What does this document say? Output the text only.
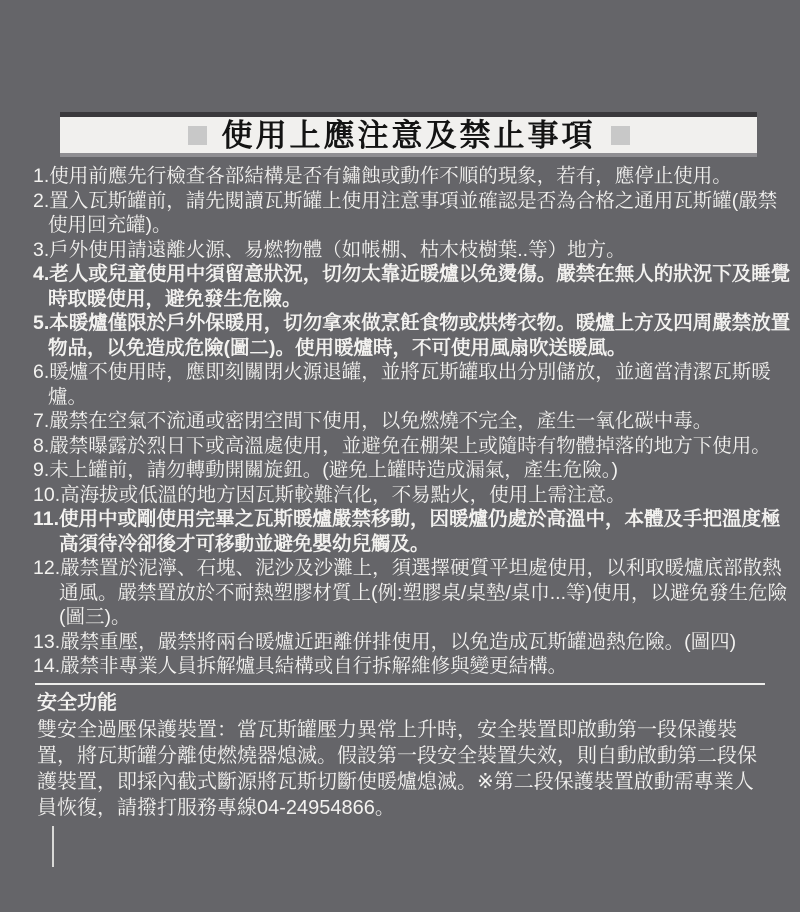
使用上應注意及禁止事項
1.使用前應先行檢查各部結構是否有鏽蝕或動作不順的現象，若有，應停止使用。
2.置入瓦斯罐前，請先閱讀瓦斯罐上使用注意事項並確認是否為合格之通用瓦斯罐(嚴禁使用回充罐)。
3.戶外使用請遠離火源、易燃物體（如帳棚、枯木枝樹葉..等）地方。
4.老人或兒童使用中須留意狀況，切勿太靠近暖爐以免燙傷。嚴禁在無人的狀況下及睡覺時取暖使用，避免發生危險。
5.本暖爐僅限於戶外保暖用，切勿拿來做烹飪食物或烘烤衣物。暖爐上方及四周嚴禁放置物品，以免造成危險(圖二)。使用暖爐時，不可使用風扇吹送暖風。
6.暖爐不使用時，應即刻關閉火源退罐，並將瓦斯罐取出分別儲放，並適當清潔瓦斯暖爐。
7.嚴禁在空氣不流通或密閉空間下使用，以免燃燒不完全，產生一氧化碳中毒。
8.嚴禁曝露於烈日下或高溫處使用，並避免在棚架上或隨時有物體掉落的地方下使用。
9.未上罐前，請勿轉動開關旋鈕。(避免上罐時造成漏氣，產生危險。)
10.高海拔或低溫的地方因瓦斯較難汽化，不易點火，使用上需注意。
11.使用中或剛使用完畢之瓦斯暖爐嚴禁移動，因暖爐仍處於高溫中，本體及手把溫度極高須待冷卻後才可移動並避免嬰幼兒觸及。
12.嚴禁置於泥濘、石塊、泥沙及沙灘上，須選擇硬質平坦處使用，以利取暖爐底部散熱通風。嚴禁置放於不耐熱塑膠材質上(例:塑膠桌/桌墊/桌巾...等)使用，以避免發生危險(圖三)。
13.嚴禁重壓，嚴禁將兩台暖爐近距離併排使用，以免造成瓦斯罐過熱危險。(圖四)
14.嚴禁非專業人員拆解爐具結構或自行拆解維修與變更結構。
安全功能
雙安全過壓保護裝置：當瓦斯罐壓力異常上升時，安全裝置即啟動第一段保護裝置，將瓦斯罐分離使燃燒器熄滅。假設第一段安全裝置失效，則自動啟動第二段保護裝置，即採內截式斷源將瓦斯切斷使暖爐熄滅。※第二段保護裝置啟動需專業人員恢復，請撥打服務專線04-24954866。
